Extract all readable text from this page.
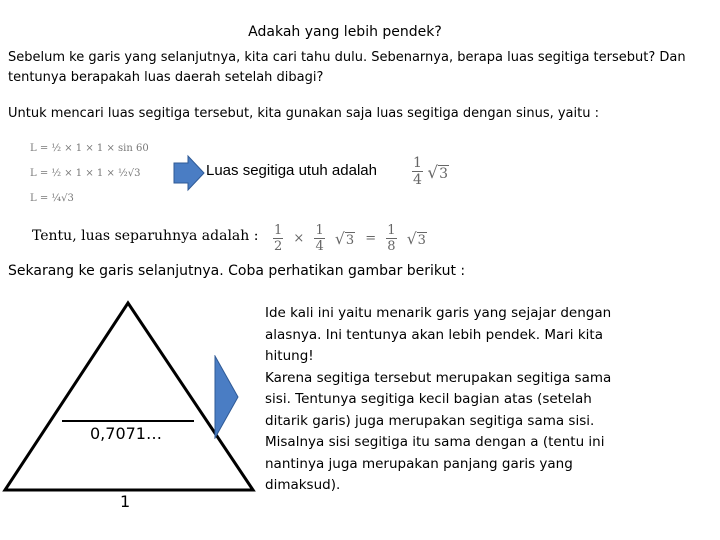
Adakah yang lebih pendek?
Sebelum ke garis yang selanjutnya, kita cari tahu dulu. Sebenarnya, berapa luas segitiga tersebut? Dan tentunya berapakah luas daerah setelah dibagi?
Untuk mencari luas segitiga tersebut, kita gunakan saja luas segitiga dengan sinus, yaitu :
L = ½ × 1 × 1 × sin 60
L = ½ × 1 × 1 × ½√3
L = ¼√3
Luas segitiga utuh adalah	$\frac{1}{4}$
√ 3
Tentu, luas separuhnya adalah : $\frac{1}{2} \times \frac{1}{4}$
√ $3 = \frac{1}{8}$
√ 3
Sekarang ke garis selanjutnya. Coba perhatikan gambar berikut :
0,7071…
1
Ide kali ini yaitu menarik garis yang sejajar dengan alasnya. Ini tentunya akan lebih pendek. Mari kita hitung!
Karena segitiga tersebut merupakan segitiga sama sisi. Tentunya segitiga kecil bagian atas (setelah ditarik garis) juga merupakan segitiga sama sisi. Misalnya sisi segitiga itu sama dengan a (tentu ini nantinya juga merupakan panjang garis yang dimaksud).
